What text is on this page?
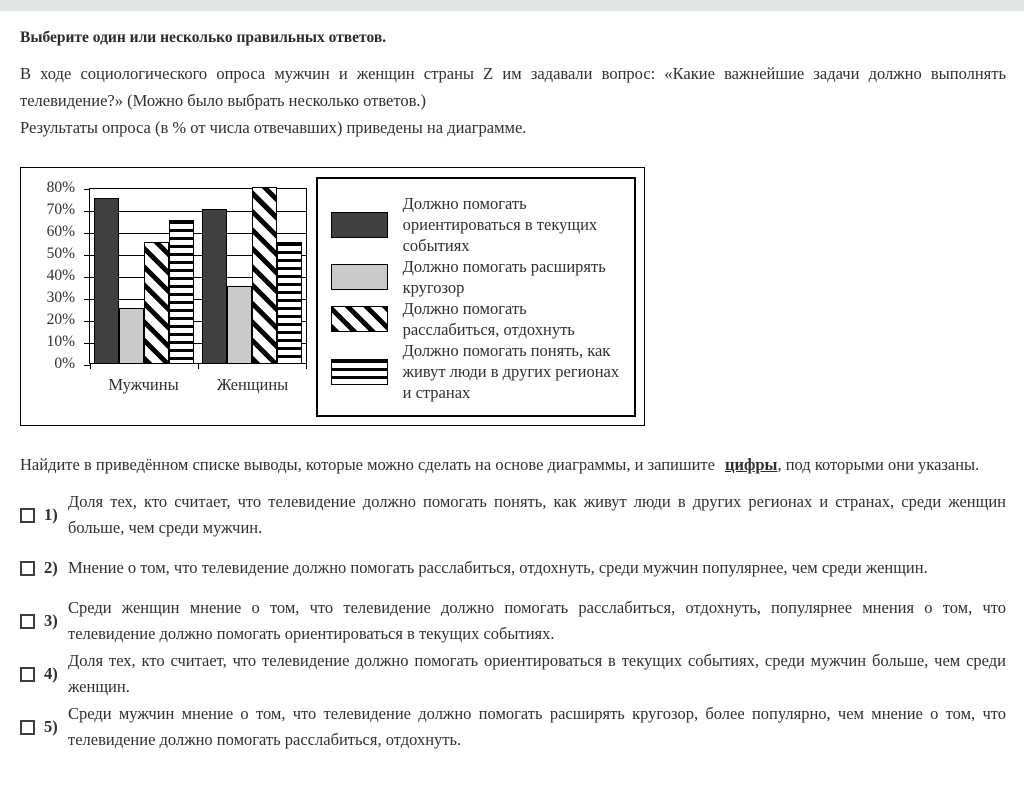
Выберите один или несколько правильных ответов.

В ходе социологического опроса мужчин и женщин страны Z им задавали вопрос: «Какие важнейшие задачи должно выполнять телевидение?» (Можно было выбрать несколько ответов.)

Результаты опроса (в % от числа отвечавших) приведены на диаграмме.

80%
70%
60%
50%
40%
30%
20%
10%
0%
Мужчины	Женщины
Должно помогать ориентироваться в текущих событиях
Должно помогать расширять кругозор
Должно помогать расслабиться, отдохнуть
Должно помогать понять, как живут люди в других регионах и странах

Найдите в приведённом списке выводы, которые можно сделать на основе диаграммы, и запишите цифры, под которыми они указаны.

1)
Доля тех, кто считает, что телевидение должно помогать понять, как живут люди в других регионах и странах, среди женщин больше, чем среди мужчин.
2) Мнение о том, что телевидение должно помогать расслабиться, отдохнуть, среди мужчин популярнее, чем среди женщин.
3)
Среди женщин мнение о том, что телевидение должно помогать расслабиться, отдохнуть, популярнее мнения о том, что телевидение должно помогать ориентироваться в текущих событиях.
4)
Доля тех, кто считает, что телевидение должно помогать ориентироваться в текущих событиях, среди мужчин больше, чем среди женщин.
5)
Среди мужчин мнение о том, что телевидение должно помогать расширять кругозор, более популярно, чем мнение о том, что телевидение должно помогать расслабиться, отдохнуть.
